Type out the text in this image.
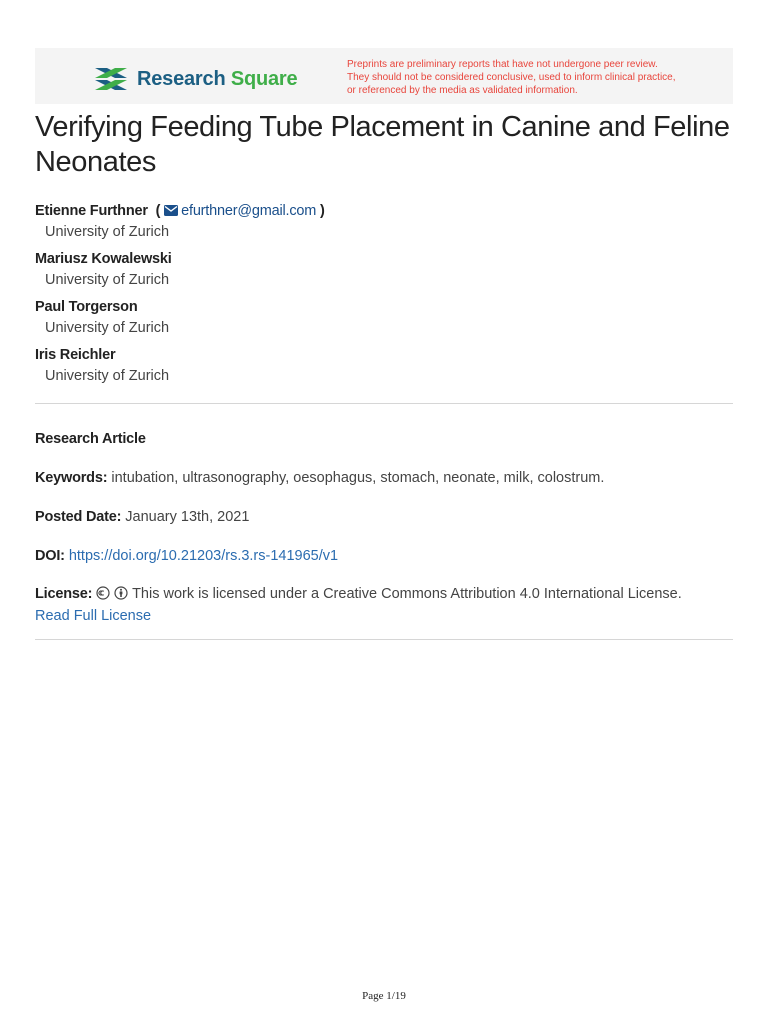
Research Square
Preprints are preliminary reports that have not undergone peer review.
They should not be considered conclusive, used to inform clinical practice,
or referenced by the media as validated information.
Verifying Feeding Tube Placement in Canine and Feline Neonates
Etienne Furthner ( efurthner@gmail.com )
University of Zurich
Mariusz Kowalewski
University of Zurich
Paul Torgerson
University of Zurich
Iris Reichler
University of Zurich
Research Article
Keywords: intubation, ultrasonography, oesophagus, stomach, neonate, milk, colostrum.
Posted Date: January 13th, 2021
DOI: https://doi.org/10.21203/rs.3.rs-141965/v1
License:	This work is licensed under a Creative Commons Attribution 4.0 International License.
Read Full License
Page 1/19
